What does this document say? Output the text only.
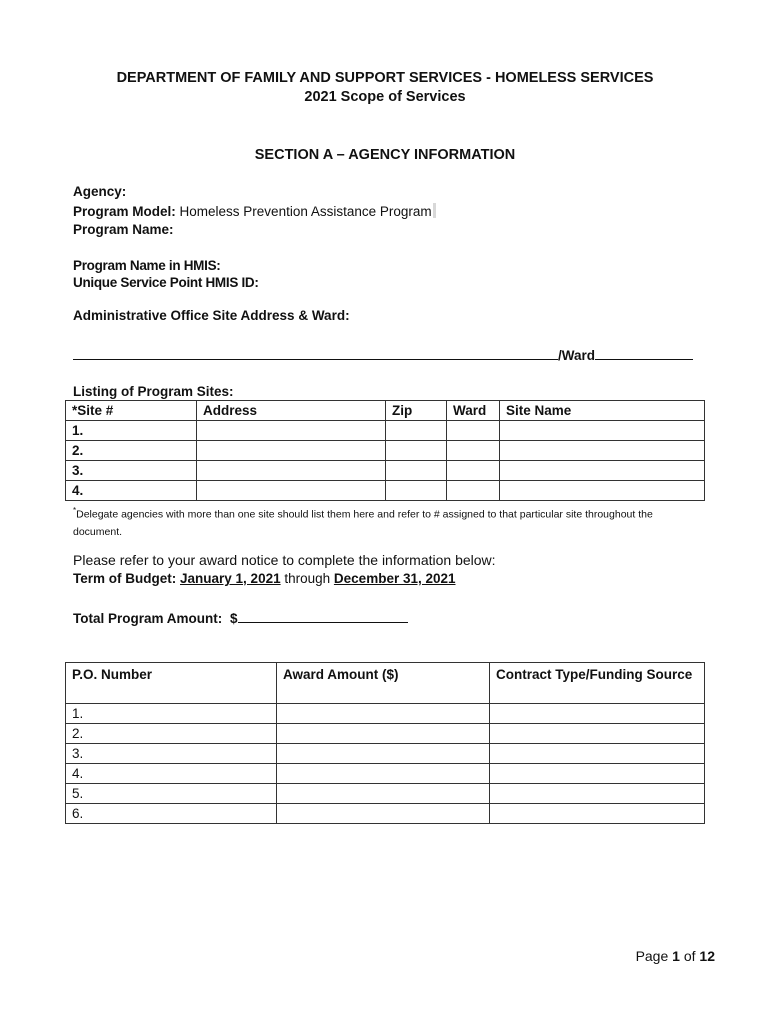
DEPARTMENT OF FAMILY AND SUPPORT SERVICES - HOMELESS SERVICES
2021 Scope of Services
SECTION A – AGENCY INFORMATION
Agency:
Program Model: Homeless Prevention Assistance Program
Program Name:
Program Name in HMIS:
Unique Service Point HMIS ID:
Administrative Office Site Address & Ward:
/Ward
Listing of Program Sites:
*Site #	Address	Zip	Ward	Site Name
1.				
2.				
3.				
4.				
*Delegate agencies with more than one site should list them here and refer to # assigned to that particular site throughout the document.
Please refer to your award notice to complete the information below:
Term of Budget: January 1, 2021 through December 31, 2021
Total Program Amount: $
P.O. Number	Award Amount ($)	Contract Type/Funding Source
1.		
2.		
3.		
4.		
5.		
6.		
Page 1 of 12
